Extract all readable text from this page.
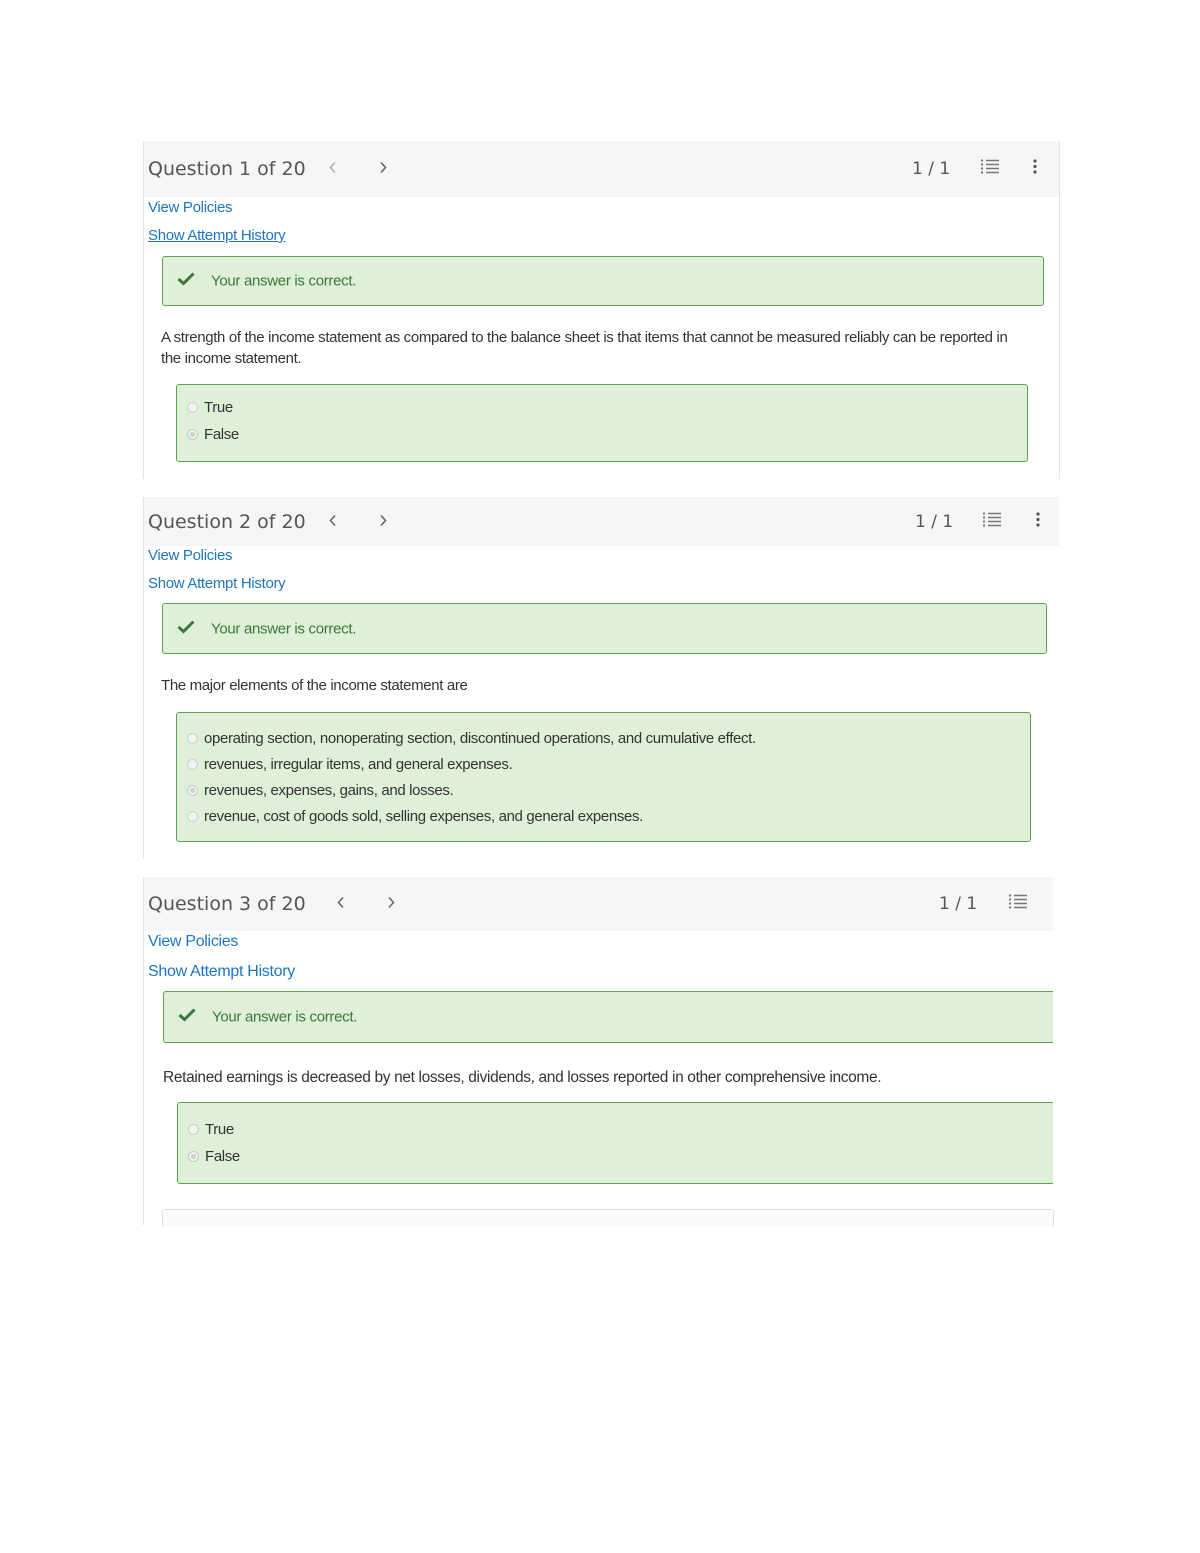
Question 1 of 20	1 / 1
View Policies
Show Attempt History
Your answer is correct.
A strength of the income statement as compared to the balance sheet is that items that cannot be measured reliably can be reported in
the income statement.
True
False
Question 2 of 20	1 / 1
View Policies
Show Attempt History
Your answer is correct.
The major elements of the income statement are
operating section, nonoperating section, discontinued operations, and cumulative effect.
revenues, irregular items, and general expenses.
revenues, expenses, gains, and losses.
revenue, cost of goods sold, selling expenses, and general expenses.
Question 3 of 20	1 / 1
View Policies
Show Attempt History
Your answer is correct.
Retained earnings is decreased by net losses, dividends, and losses reported in other comprehensive income.
True
False
